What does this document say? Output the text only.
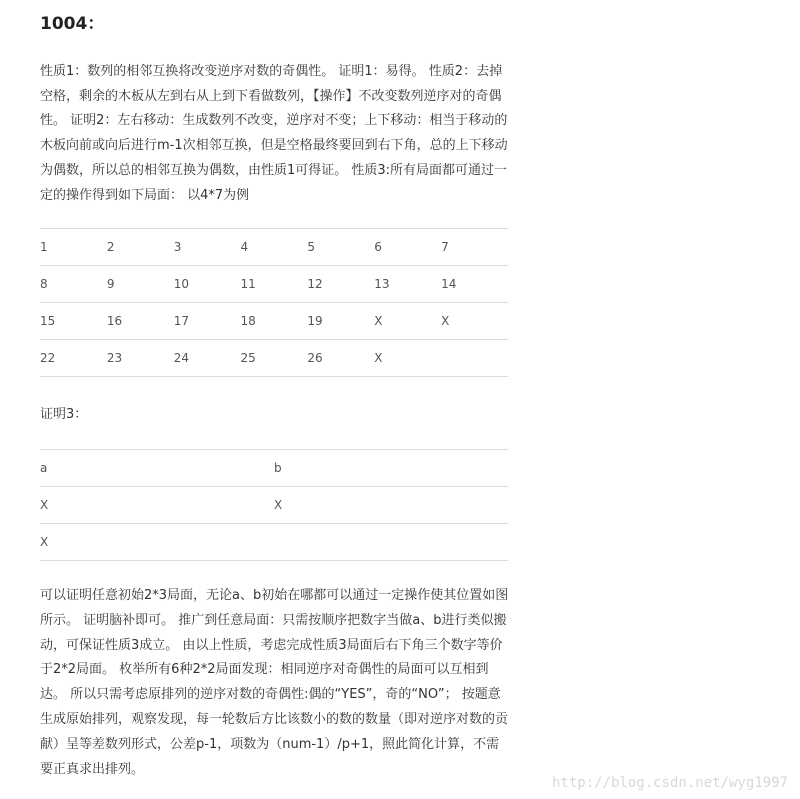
1004：

性质1：数列的相邻互换将改变逆序对数的奇偶性。 证明1：易得。 性质2：去掉空格，剩余的木板从左到右从上到下看做数列，【操作】不改变数列逆序对的奇偶性。 证明2：左右移动：生成数列不改变，逆序对不变；上下移动：相当于移动的木板向前或向后进行m-1次相邻互换，但是空格最终要回到右下角，总的上下移动为偶数，所以总的相邻互换为偶数，由性质1可得证。 性质3:所有局面都可通过一定的操作得到如下局面： 以4*7为例

1	2	3	4	5	6	7
8	9	10	11	12	13	14
15	16	17	18	19	X	X
22	23	24	25	26	X	

证明3：

a	b
X	X
X	

可以证明任意初始2*3局面，无论a、b初始在哪都可以通过一定操作使其位置如图所示。 证明脑补即可。 推广到任意局面：只需按顺序把数字当做a、b进行类似搬动，可保证性质3成立。 由以上性质，考虑完成性质3局面后右下角三个数字等价于2*2局面。 枚举所有6种2*2局面发现：相同逆序对奇偶性的局面可以互相到达。 所以只需考虑原排列的逆序对数的奇偶性:偶的“YES”，奇的“NO”； 按题意生成原始排列，观察发现，每一轮数后方比该数小的数的数量（即对逆序对数的贡献）呈等差数列形式，公差p-1，项数为（num-1）/p+1，照此简化计算，不需要正真求出排列。

http://blog.csdn.net/wyg1997
